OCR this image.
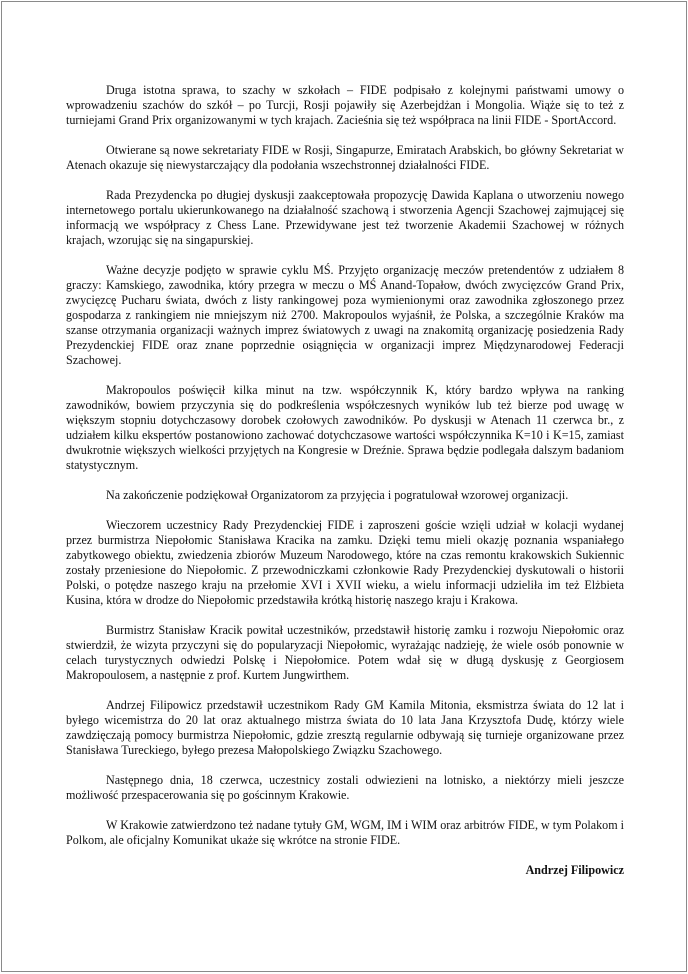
Druga istotna sprawa, to szachy w szkołach – FIDE podpisało z kolejnymi państwami umowy o wprowadzeniu szachów do szkół – po Turcji, Rosji pojawiły się Azerbejdżan i Mongolia. Wiąże się to też z turniejami Grand Prix organizowanymi w tych krajach. Zacieśnia się też współpraca na linii FIDE - SportAccord.

Otwierane są nowe sekretariaty FIDE w Rosji, Singapurze, Emiratach Arabskich, bo główny Sekretariat w Atenach okazuje się niewystarczający dla podołania wszechstronnej działalności FIDE.

Rada Prezydencka po długiej dyskusji zaakceptowała propozycję Dawida Kaplana o utworzeniu nowego internetowego portalu ukierunkowanego na działalność szachową i stworzenia Agencji Szachowej zajmującej się informacją we współpracy z Chess Lane. Przewidywane jest też tworzenie Akademii Szachowej w różnych krajach, wzorując się na singapurskiej.

Ważne decyzje podjęto w sprawie cyklu MŚ. Przyjęto organizację meczów pretendentów z udziałem 8 graczy: Kamskiego, zawodnika, który przegra w meczu o MŚ Anand-Topałow, dwóch zwycięzców Grand Prix, zwycięzcę Pucharu świata, dwóch z listy rankingowej poza wymienionymi oraz zawodnika zgłoszonego przez gospodarza z rankingiem nie mniejszym niż 2700. Makropoulos wyjaśnił, że Polska, a szczególnie Kraków ma szanse otrzymania organizacji ważnych imprez światowych z uwagi na znakomitą organizację posiedzenia Rady Prezydenckiej FIDE oraz znane poprzednie osiągnięcia w organizacji imprez Międzynarodowej Federacji Szachowej.

Makropoulos poświęcił kilka minut na tzw. współczynnik K, który bardzo wpływa na ranking zawodników, bowiem przyczynia się do podkreślenia współczesnych wyników lub też bierze pod uwagę w większym stopniu dotychczasowy dorobek czołowych zawodników. Po dyskusji w Atenach 11 czerwca br., z udziałem kilku ekspertów postanowiono zachować dotychczasowe wartości współczynnika K=10 i K=15, zamiast dwukrotnie większych wielkości przyjętych na Kongresie w Dreźnie. Sprawa będzie podlegała dalszym badaniom statystycznym.

Na zakończenie podziękował Organizatorom za przyjęcia i pogratulował wzorowej organizacji.

Wieczorem uczestnicy Rady Prezydenckiej FIDE i zaproszeni goście wzięli udział w kolacji wydanej przez burmistrza Niepołomic Stanisława Kracika na zamku. Dzięki temu mieli okazję poznania wspaniałego zabytkowego obiektu, zwiedzenia zbiorów Muzeum Narodowego, które na czas remontu krakowskich Sukiennic zostały przeniesione do Niepołomic. Z przewodniczkami członkowie Rady Prezydenckiej dyskutowali o historii Polski, o potędze naszego kraju na przełomie XVI i XVII wieku, a wielu informacji udzieliła im też Elżbieta Kusina, która w drodze do Niepołomic przedstawiła krótką historię naszego kraju i Krakowa.

Burmistrz Stanisław Kracik powitał uczestników, przedstawił historię zamku i rozwoju Niepołomic oraz stwierdził, że wizyta przyczyni się do popularyzacji Niepołomic, wyrażając nadzieję, że wiele osób ponownie w celach turystycznych odwiedzi Polskę i Niepołomice. Potem wdał się w długą dyskusję z Georgiosem Makropoulosem, a następnie z prof. Kurtem Jungwirthem.

Andrzej Filipowicz przedstawił uczestnikom Rady GM Kamila Mitonia, eksmistrza świata do 12 lat i byłego wicemistrza do 20 lat oraz aktualnego mistrza świata do 10 lata Jana Krzysztofa Dudę, którzy wiele zawdzięczają pomocy burmistrza Niepołomic, gdzie zresztą regularnie odbywają się turnieje organizowane przez Stanisława Tureckiego, byłego prezesa Małopolskiego Związku Szachowego.

Następnego dnia, 18 czerwca, uczestnicy zostali odwiezieni na lotnisko, a niektórzy mieli jeszcze możliwość przespacerowania się po gościnnym Krakowie.

W Krakowie zatwierdzono też nadane tytuły GM, WGM, IM i WIM oraz arbitrów FIDE, w tym Polakom i Polkom, ale oficjalny Komunikat ukaże się wkrótce na stronie FIDE.

Andrzej Filipowicz
